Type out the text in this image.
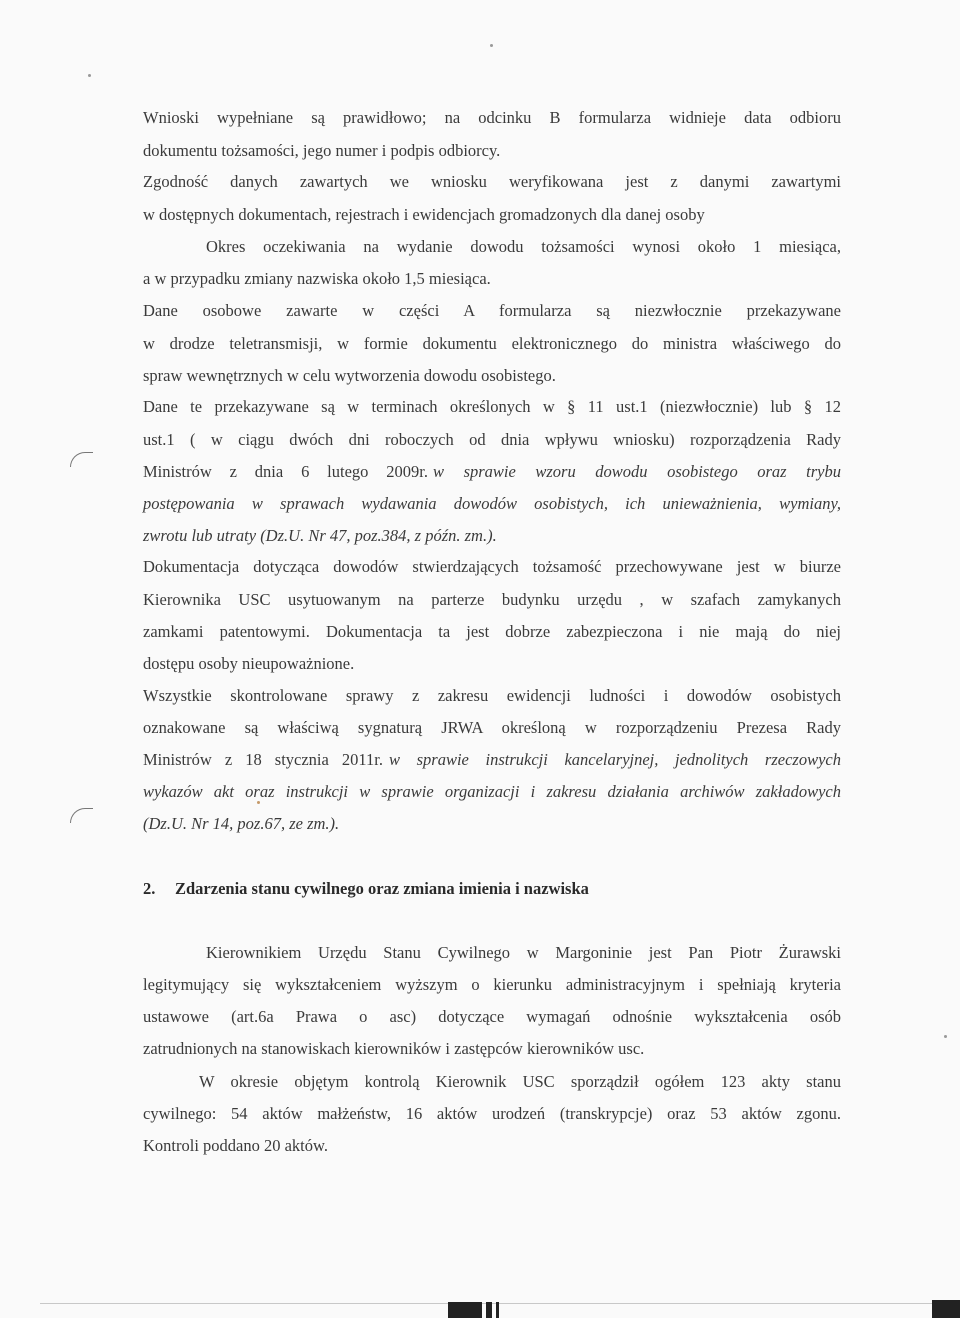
Wnioski wypełniane są prawidłowo; na odcinku B formularza widnieje data odbioru
dokumentu tożsamości, jego numer i podpis odbiorcy.
Zgodność danych zawartych we wniosku weryfikowana jest z danymi zawartymi
w dostępnych dokumentach, rejestrach i ewidencjach gromadzonych dla danej osoby
Okres oczekiwania na wydanie dowodu tożsamości wynosi około 1 miesiąca,
a w przypadku zmiany nazwiska około 1,5 miesiąca.
Dane osobowe zawarte w części A formularza są niezwłocznie przekazywane
w drodze teletransmisji, w formie dokumentu elektronicznego do ministra właściwego do
spraw wewnętrznych w celu wytworzenia dowodu osobistego.
Dane te przekazywane są w terminach określonych w § 11 ust.1 (niezwłocznie) lub § 12
ust.1 ( w ciągu dwóch dni roboczych od dnia wpływu wniosku) rozporządzenia Rady
Ministrów z dnia 6 lutego 2009r. w sprawie wzoru dowodu osobistego oraz trybu
postępowania w sprawach wydawania dowodów osobistych, ich unieważnienia, wymiany,
zwrotu lub utraty (Dz.U. Nr 47, poz.384, z późn. zm.).
Dokumentacja dotycząca dowodów stwierdzających tożsamość przechowywane jest w biurze
Kierownika USC usytuowanym na parterze budynku urzędu , w szafach zamykanych
zamkami patentowymi. Dokumentacja ta jest dobrze zabezpieczona i nie mają do niej
dostępu osoby nieupoważnione.
Wszystkie skontrolowane sprawy z zakresu ewidencji ludności i dowodów osobistych
oznakowane są właściwą sygnaturą JRWA określoną w rozporządzeniu Prezesa Rady
Ministrów z 18 stycznia 2011r. w sprawie instrukcji kancelaryjnej, jednolitych rzeczowych
wykazów akt oraz instrukcji w sprawie organizacji i zakresu działania archiwów zakładowych
(Dz.U. Nr 14, poz.67, ze zm.).
2.	Zdarzenia stanu cywilnego oraz zmiana imienia i nazwiska
Kierownikiem Urzędu Stanu Cywilnego w Margoninie jest Pan Piotr Żurawski
legitymujący się wykształceniem wyższym o kierunku administracyjnym i spełniają kryteria
ustawowe (art.6a Prawa o asc) dotyczące wymagań odnośnie wykształcenia osób
zatrudnionych na stanowiskach kierowników i zastępców kierowników usc.
W okresie objętym kontrolą Kierownik USC sporządził ogółem 123 akty stanu
cywilnego: 54 aktów małżeństw, 16 aktów urodzeń (transkrypcje) oraz 53 aktów zgonu.
Kontroli poddano 20 aktów.
